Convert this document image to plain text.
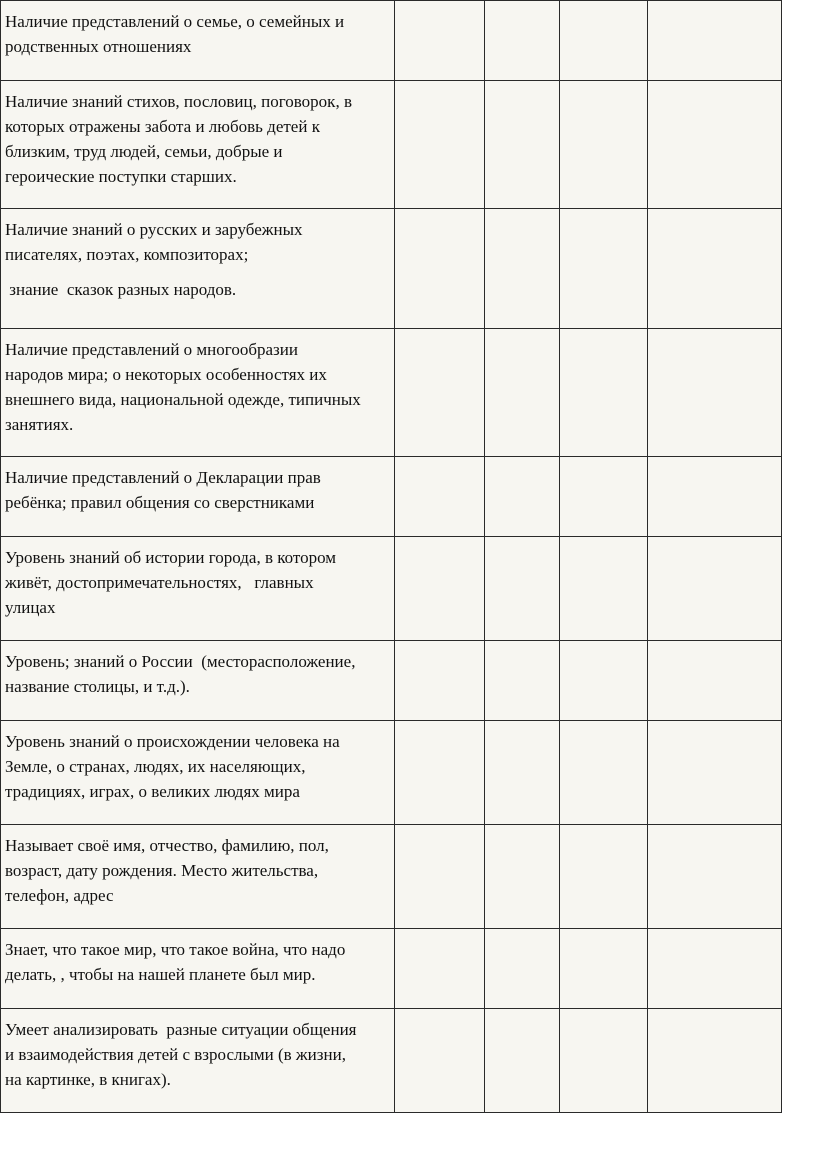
Наличие представлений о семье, о семейных и
родственных отношениях				

Наличие знаний стихов, пословиц, поговорок, в
которых отражены забота и любовь детей к
близким, труд людей, семьи, добрые и
героические поступки старших.				

Наличие знаний о русских и зарубежных
писателях, поэтах, композиторах;
знание  сказок разных народов.				

Наличие представлений о многообразии
народов мира; о некоторых особенностях их
внешнего вида, национальной одежде, типичных
занятиях.				

Наличие представлений о Декларации прав
ребёнка; правил общения со сверстниками				

Уровень знаний об истории города, в котором
живёт, достопримечательностях,   главных
улицах				

Уровень; знаний о России  (месторасположение,
название столицы, и т.д.).				

Уровень знаний о происхождении человека на
Земле, о странах, людях, их населяющих,
традициях, играх, о великих людях мира				

Называет своё имя, отчество, фамилию, пол,
возраст, дату рождения. Место жительства,
телефон, адрес				

Знает, что такое мир, что такое война, что надо
делать, , чтобы на нашей планете был мир.				

Умеет анализировать  разные ситуации общения
и взаимодействия детей с взрослыми (в жизни,
на картинке, в книгах).				
